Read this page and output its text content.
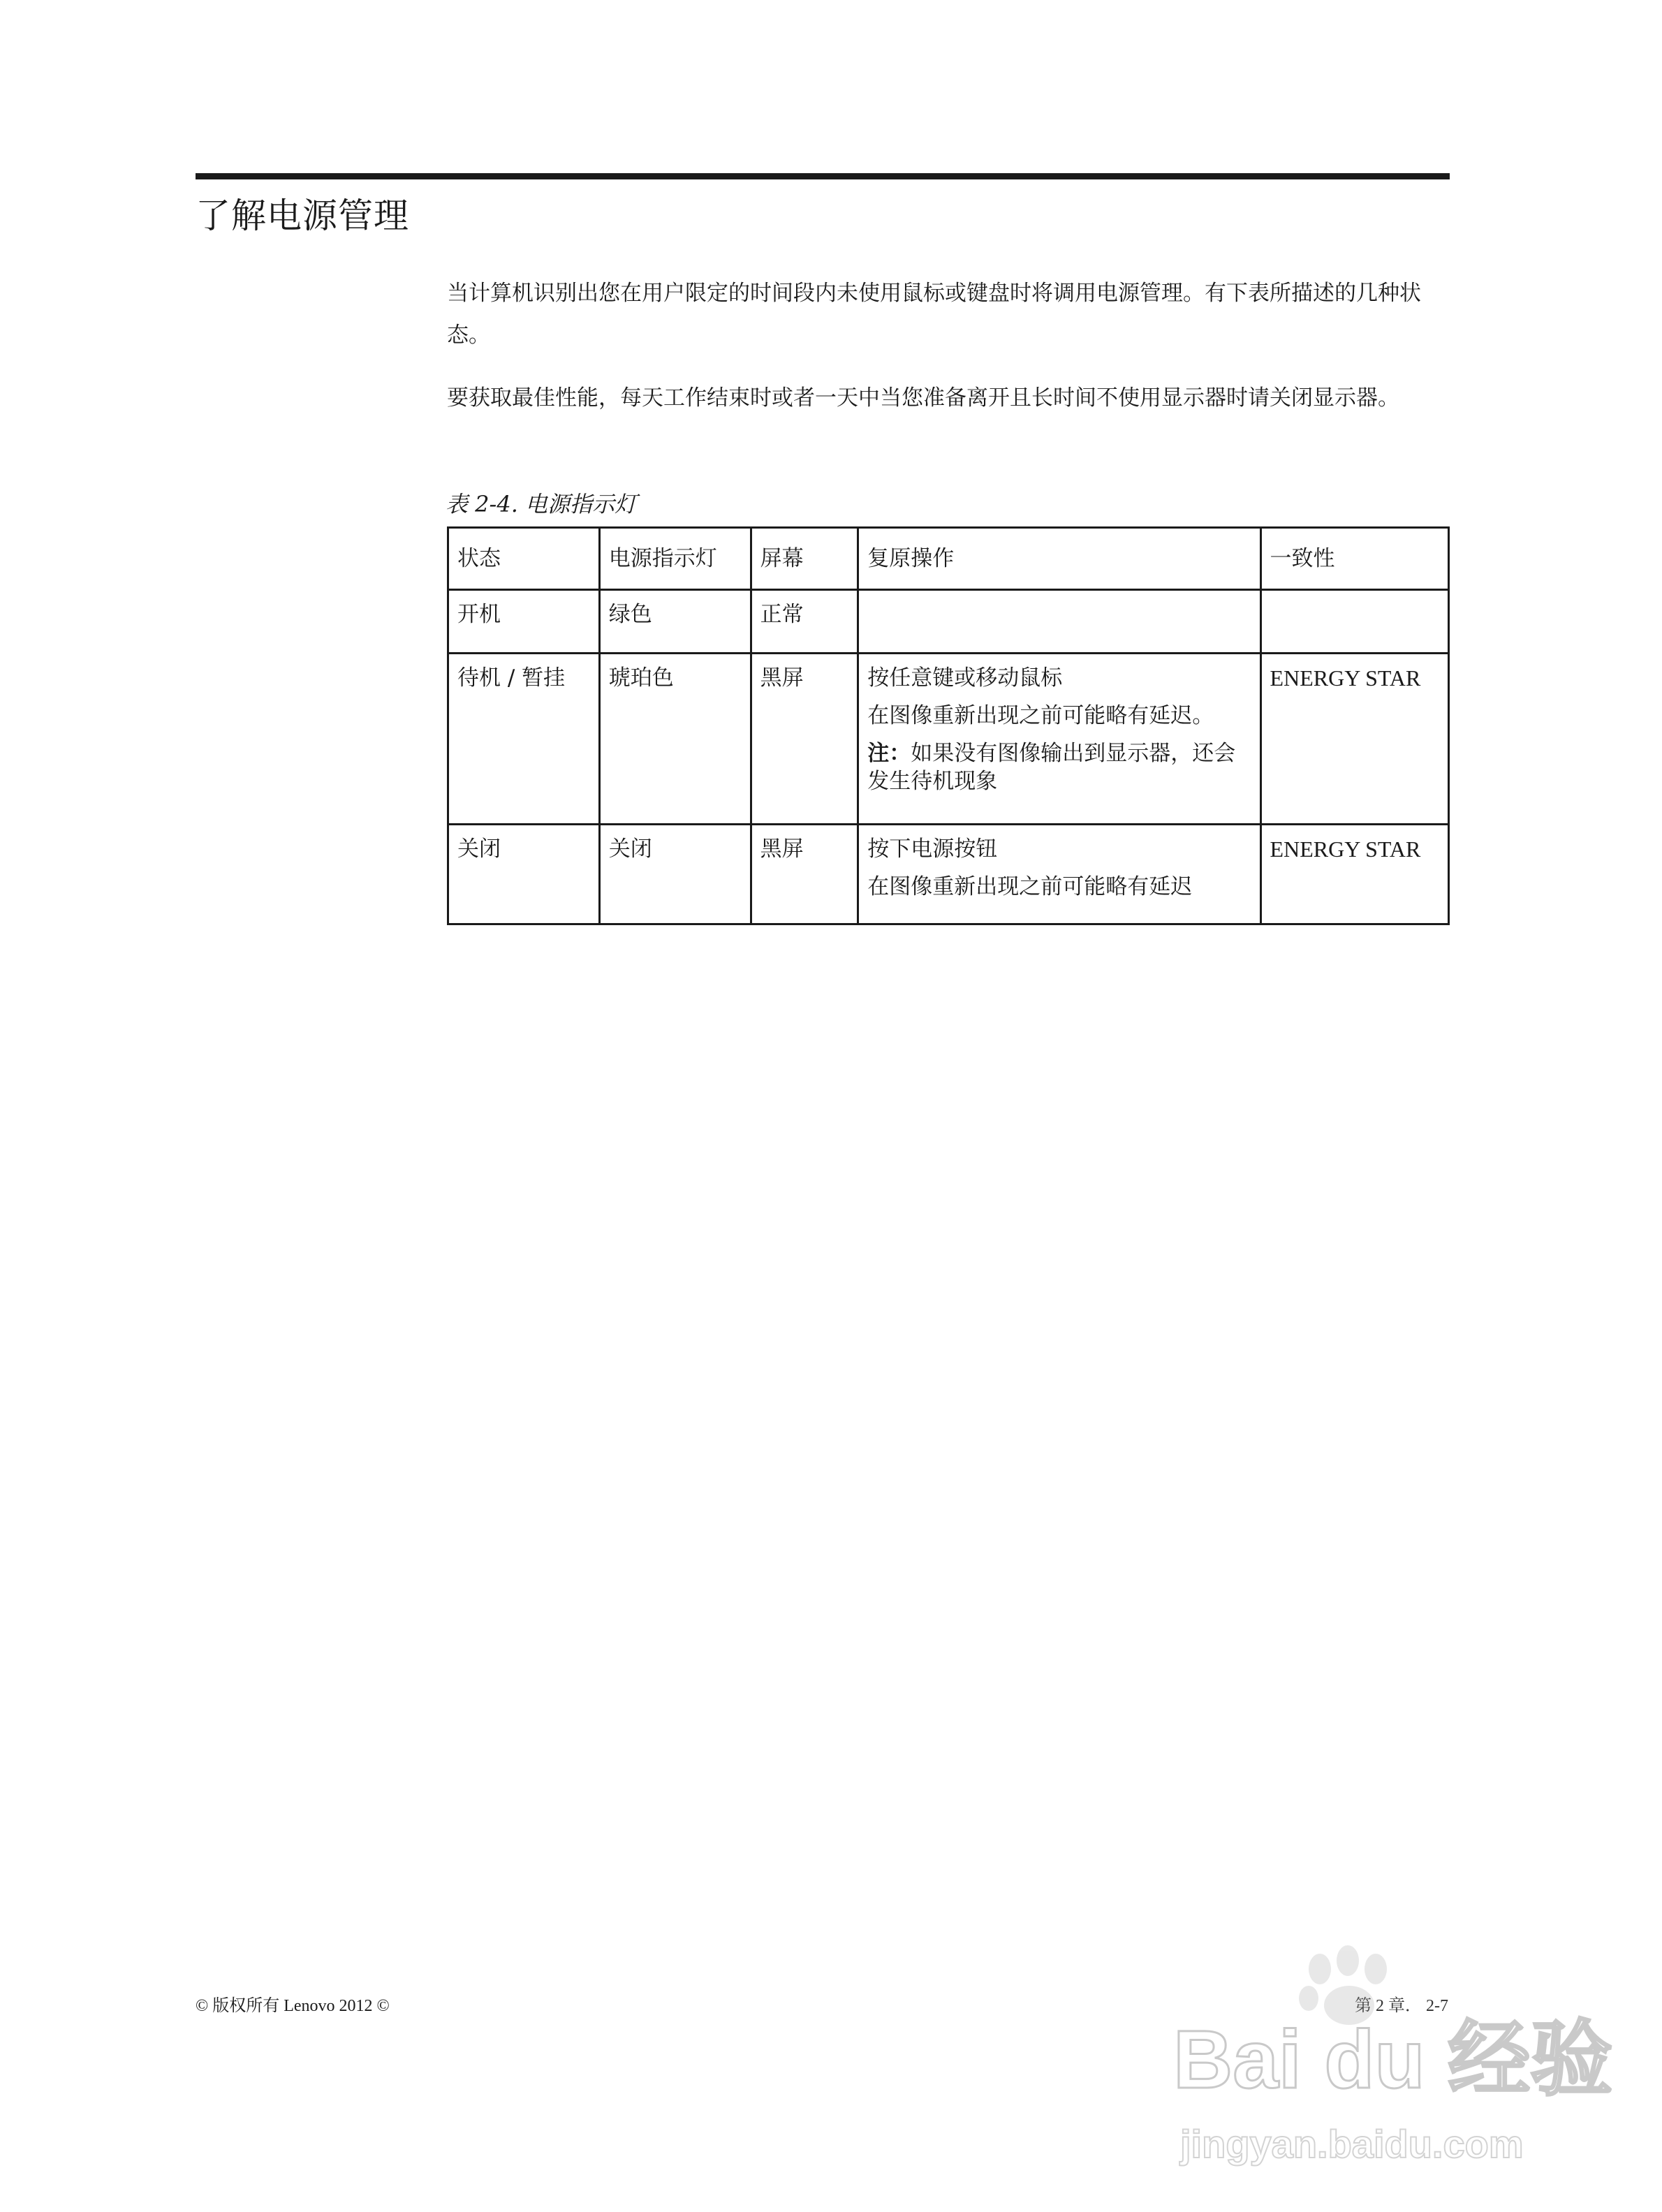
了解电源管理

当计算机识别出您在用户限定的时间段内未使用鼠标或键盘时将调用电源管理。有下表所描述的几种状态。

要获取最佳性能，每天工作结束时或者一天中当您准备离开且长时间不使用显示器时请关闭显示器。

表 2-4. 电源指示灯
状态	电源指示灯	屏幕	复原操作	一致性
开机	绿色	正常		
待机 / 暂挂	琥珀色	黑屏	按任意键或移动鼠标
在图像重新出现之前可能略有延迟。
注：如果没有图像输出到显示器，还会发生待机现象	ENERGY STAR
关闭	关闭	黑屏	按下电源按钮
在图像重新出现之前可能略有延迟	ENERGY STAR
© 版权所有 Lenovo 2012 ©	第 2 章． 2-7
Bai du 经验
jingyan.baidu.com
